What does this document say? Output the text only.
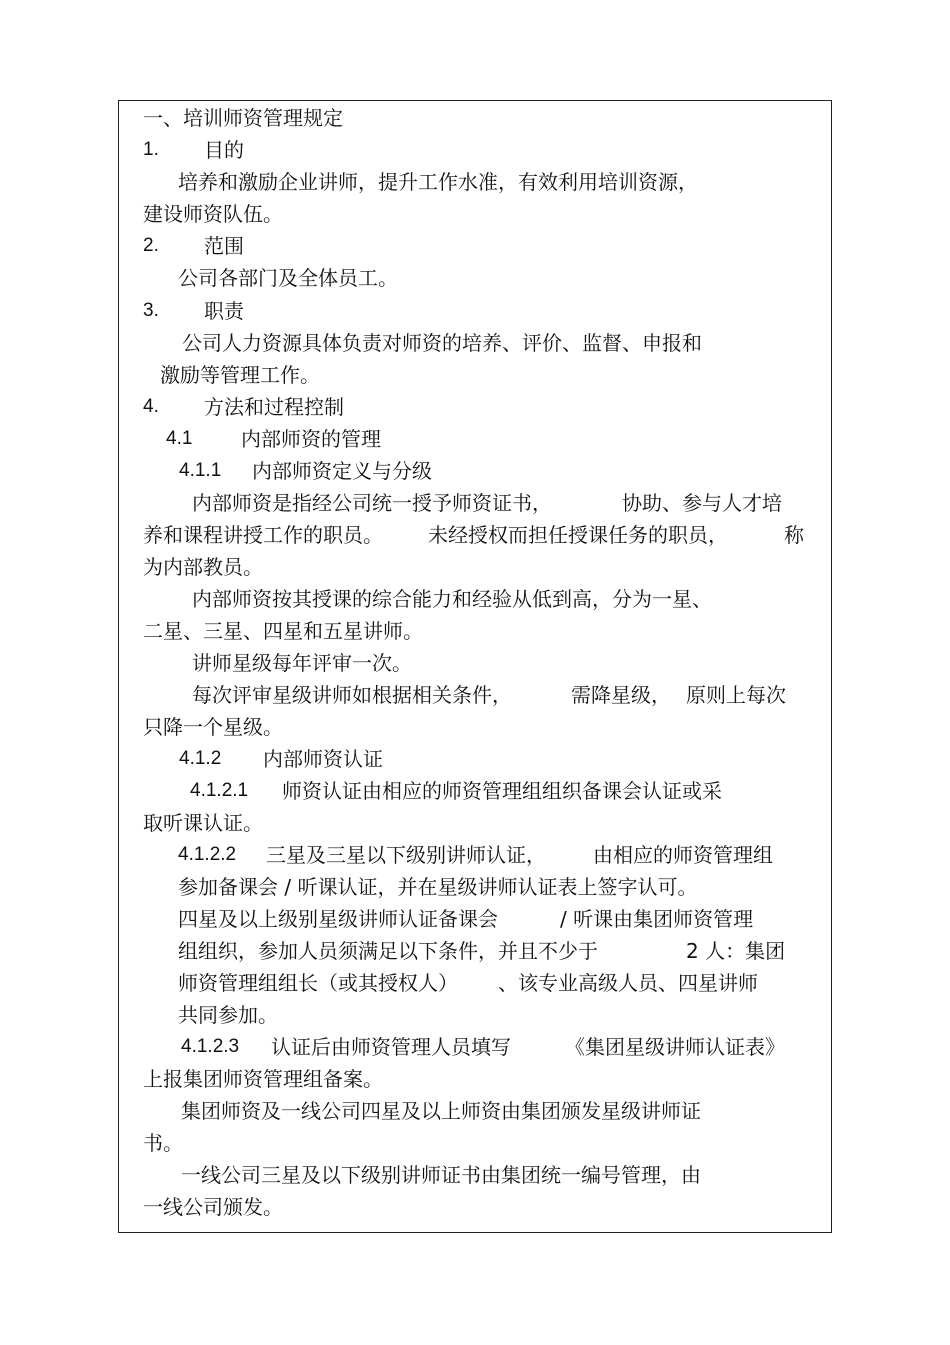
一、培训师资管理规定

1. 目的

培养和激励企业讲师，提升工作水准，有效利用培训资源，

建设师资队伍。

2. 范围

公司各部门及全体员工。

3. 职责

公司人力资源具体负责对师资的培养、评价、监督、申报和

激励等管理工作。

4. 方法和过程控制

4.1 内部师资的管理

4.1.1 内部师资定义与分级

内部师资是指经公司统一授予师资证书，	协助、参与人才培

养和课程讲授工作的职员。 未经授权而担任授课任务的职员，	称

为内部教员。

内部师资按其授课的综合能力和经验从低到高，分为一星、

二星、三星、四星和五星讲师。

讲师星级每年评审一次。

每次评审星级讲师如根据相关条件，	需降星级， 原则上每次

只降一个星级。

4.1.2 内部师资认证

4.1.2.1 师资认证由相应的师资管理组组织备课会认证或采

取听课认证。

4.1.2.2 三星及三星以下级别讲师认证， 由相应的师资管理组

参加备课会 / 听课认证，并在星级讲师认证表上签字认可。

四星及以上级别星级讲师认证备课会	/ 听课由集团师资管理

组组织，参加人员须满足以下条件，并且不少于	2 人：集团

师资管理组组长（或其授权人） 、该专业高级人员、四星讲师

共同参加。

4.1.2.3 认证后由师资管理人员填写	《集团星级讲师认证表》

上报集团师资管理组备案。

集团师资及一线公司四星及以上师资由集团颁发星级讲师证

书。

一线公司三星及以下级别讲师证书由集团统一编号管理，由

一线公司颁发。
